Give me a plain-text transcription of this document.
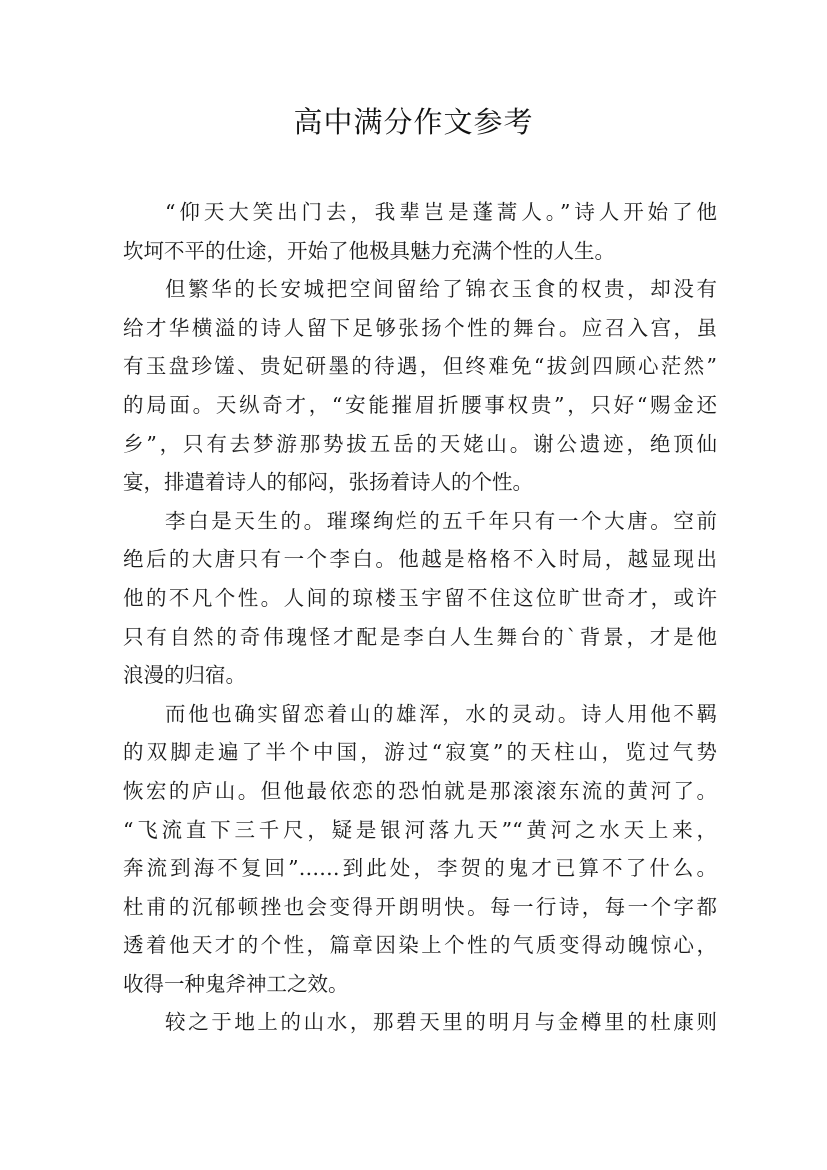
高中满分作文参考
“仰天大笑出门去，我辈岂是蓬蒿人。”诗人开始了他
坎坷不平的仕途，开始了他极具魅力充满个性的人生。
但繁华的长安城把空间留给了锦衣玉食的权贵，却没有
给才华横溢的诗人留下足够张扬个性的舞台。应召入宫，虽
有玉盘珍馐、贵妃研墨的待遇，但终难免“拔剑四顾心茫然”
的局面。天纵奇才，“安能摧眉折腰事权贵”，只好“赐金还
乡”，只有去梦游那势拔五岳的天姥山。谢公遗迹，绝顶仙
宴，排遣着诗人的郁闷，张扬着诗人的个性。
李白是天生的。璀璨绚烂的五千年只有一个大唐。空前
绝后的大唐只有一个李白。他越是格格不入时局，越显现出
他的不凡个性。人间的琼楼玉宇留不住这位旷世奇才，或许
只有自然的奇伟瑰怪才配是李白人生舞台的`背景，才是他
浪漫的归宿。
而他也确实留恋着山的雄浑，水的灵动。诗人用他不羁
的双脚走遍了半个中国，游过“寂寞”的天柱山，览过气势
恢宏的庐山。但他最依恋的恐怕就是那滚滚东流的黄河了。
“飞流直下三千尺，疑是银河落九天”“黄河之水天上来，
奔流到海不复回”……到此处，李贺的鬼才已算不了什么。
杜甫的沉郁顿挫也会变得开朗明快。每一行诗，每一个字都
透着他天才的个性，篇章因染上个性的气质变得动魄惊心，
收得一种鬼斧神工之效。
较之于地上的山水，那碧天里的明月与金樽里的杜康则
